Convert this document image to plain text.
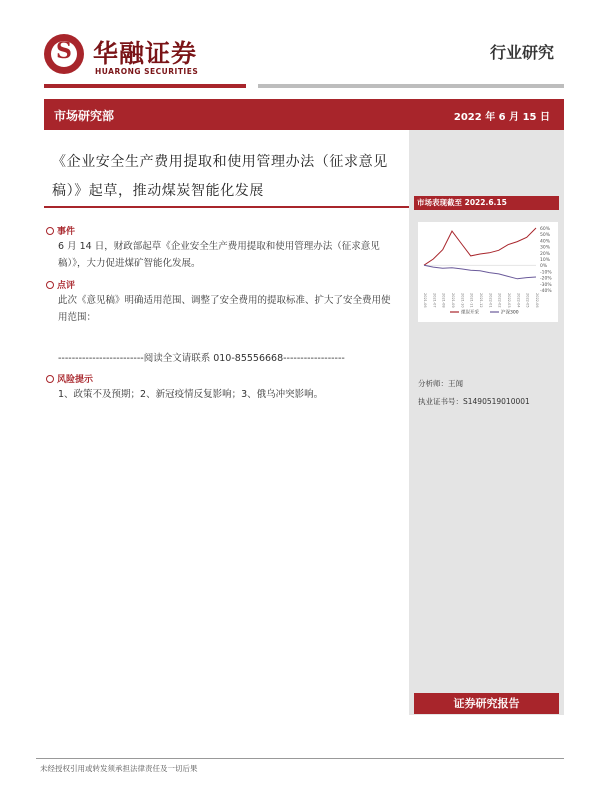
S 华融证券
HUARONG SECURITIES
行业研究
市场研究部	2022 年 6 月 15 日
《企业安全生产费用提取和使用管理办法（征求意见稿）》起草，推动煤炭智能化发展
市场表现截至 2022.6.15
60%
50%
40%
30%
20%
10%
0%
-10%
-20%
-30%
-40%
2021-06 2021-07 2021-08 2021-09 2021-10 2021-11 2021-12 2022-01 2022-02 2022-03 2022-04 2022-05 2022-06
煤炭开采	沪深300
事件
6 月 14 日，财政部起草《企业安全生产费用提取和使用管理办法（征求意见稿）》，大力促进煤矿智能化发展。
点评
此次《意见稿》明确适用范围、调整了安全费用的提取标准、扩大了安全费用使用范围：
-------------------------阅读全文请联系 010-85556668------------------
风险提示
1、政策不及预期；2、新冠疫情反复影响；3、俄乌冲突影响。
分析师：王闻
执业证书号：S1490519010001
证券研究报告
未经授权引用或转发须承担法律责任及一切后果
